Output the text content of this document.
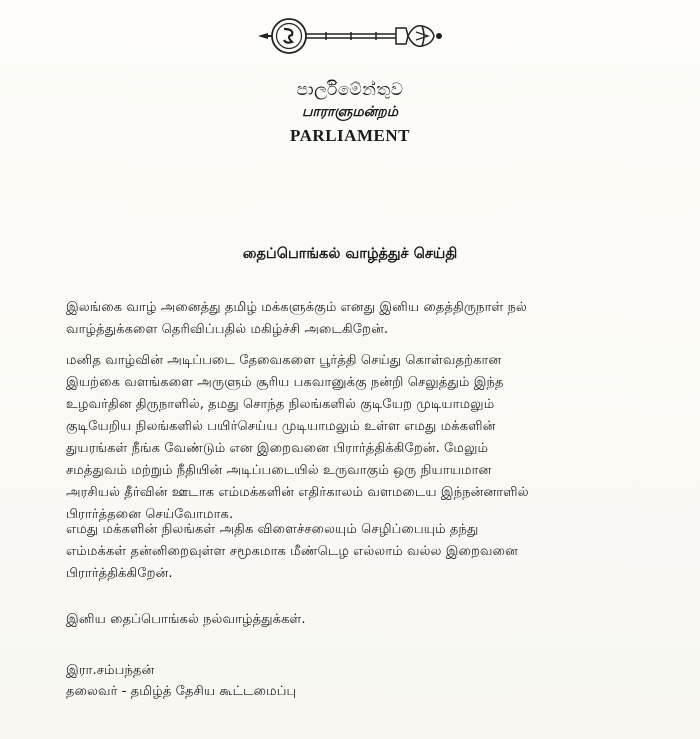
පාර්ලිමේන්තුව
பாராளுமன்றம்
PARLIAMENT
தைப்பொங்கல் வாழ்த்துச் செய்தி
இலங்கை வாழ் அனைத்து தமிழ் மக்களுக்கும் எனது இனிய தைத்திருநாள் நல்
வாழ்த்துக்களை தெரிவிப்பதில் மகிழ்ச்சி அடைகிறேன்.
மனித வாழ்வின் அடிப்படை தேவைகளை பூர்த்தி செய்து கொள்வதற்கான
இயற்கை வளங்களை அருளும் சூரிய பகவானுக்கு நன்றி செலுத்தும் இந்த
உழவர்தின திருநாளில், தமது சொந்த நிலங்களில் குடியேற முடியாமலும்
குடியேறிய நிலங்களில் பயிர்செய்ய முடியாமலும் உள்ள எமது மக்களின்
துயரங்கள் நீங்க வேண்டும் என இறைவனை பிரார்த்திக்கிறேன். மேலும்
சமத்துவம் மற்றும் நீதியின் அடிப்படையில் உருவாகும் ஒரு நியாயமான
அரசியல் தீர்வின் ஊடாக எம்மக்களின் எதிர்காலம் வளமடைய இந்நன்னாளில்
பிரார்த்தனை செய்வோமாக.
எமது மக்களின் நிலங்கள் அதிக விளைச்சலையும் செழிப்பையும் தந்து
எம்மக்கள் தன்னிறைவுள்ள சமூகமாக மீண்டெழ எல்லாம் வல்ல இறைவனை
பிரார்த்திக்கிறேன்.
இனிய தைப்பொங்கல் நல்வாழ்த்துக்கள்.
இரா.சம்பந்தன்
தலைவர் - தமிழ்த் தேசிய கூட்டமைப்பு
